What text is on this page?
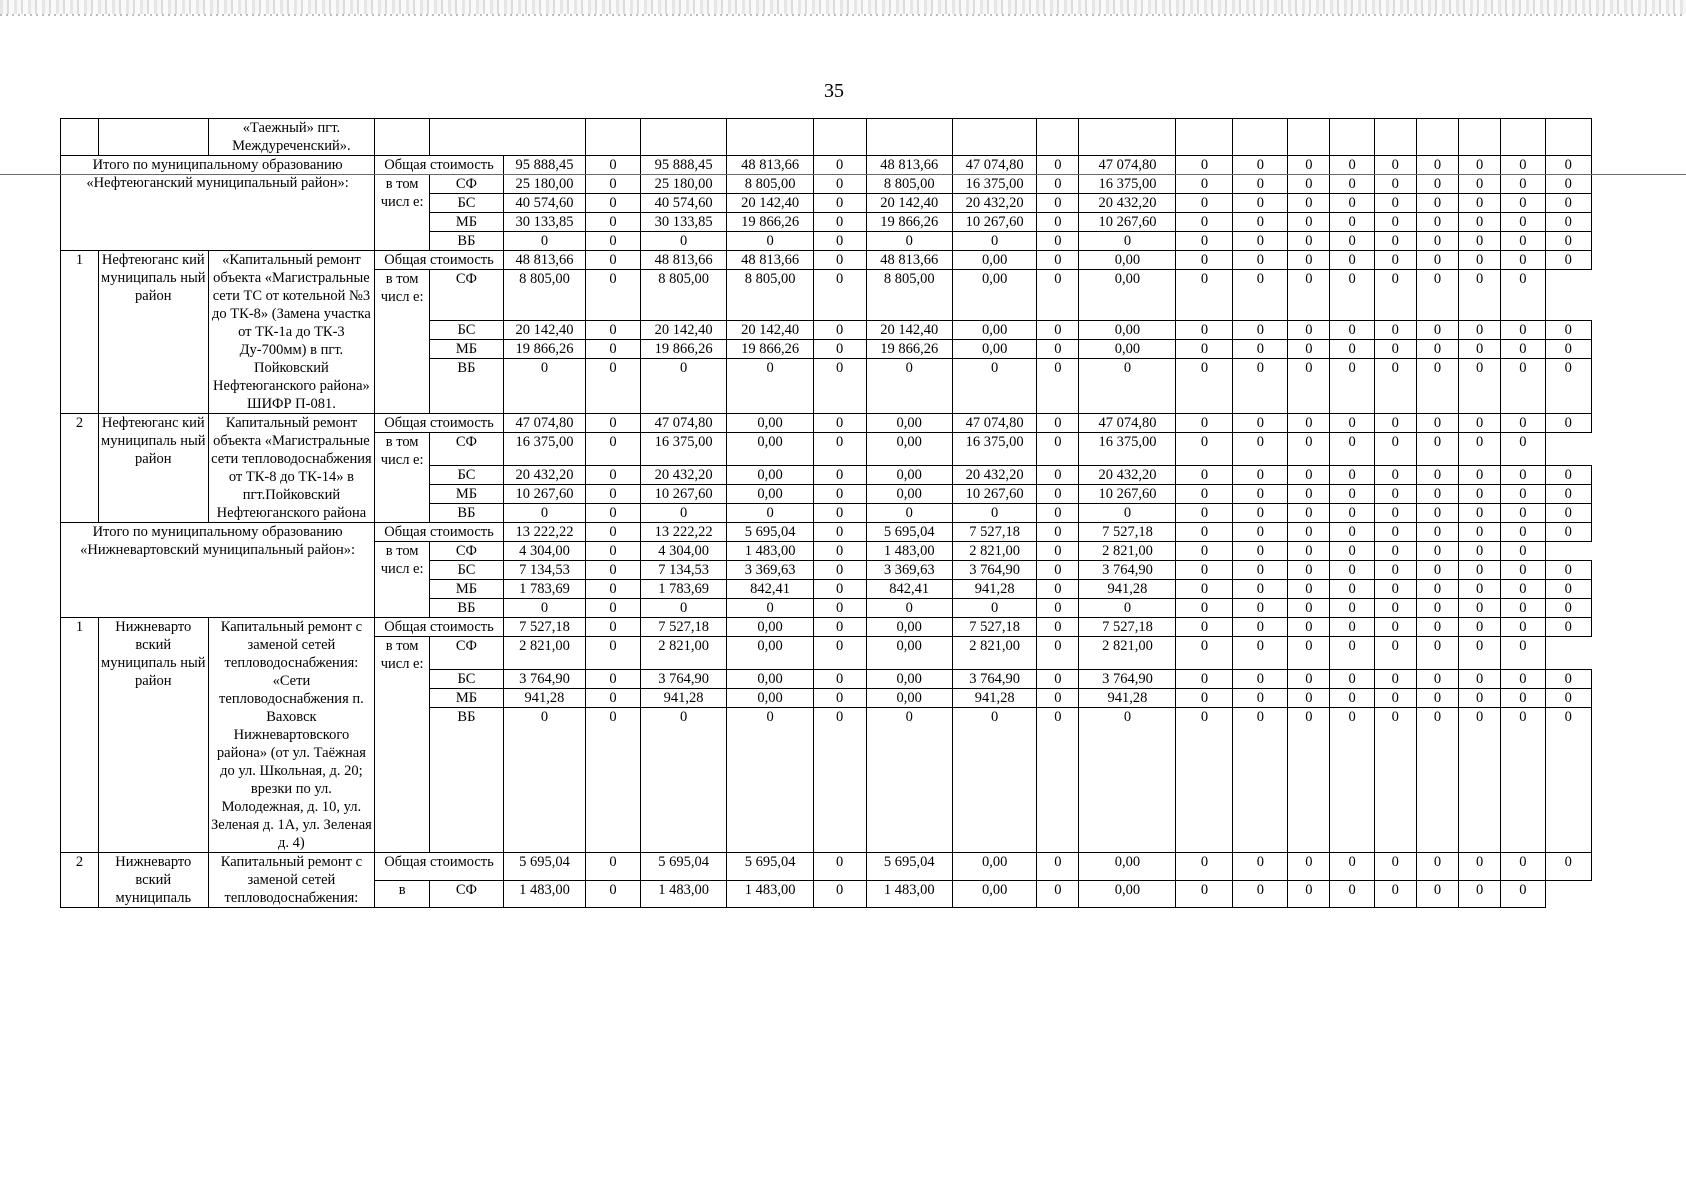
35
		«Таежный» пгт. Междуреченский».																				
Итого по муниципальному образованию «Нефтеюганский муниципальный район»:			Общая стоимость		95 888,45	0	95 888,45	48 813,66	0	48 813,66	47 074,80	0	47 074,80	0	0	0	0	0	0	0	0	0
			в том числ е:	СФ	25 180,00	0	25 180,00	8 805,00	0	8 805,00	16 375,00	0	16 375,00	0	0	0	0	0	0	0	0	0
				БС	40 574,60	0	40 574,60	20 142,40	0	20 142,40	20 432,20	0	20 432,20	0	0	0	0	0	0	0	0	0
				МБ	30 133,85	0	30 133,85	19 866,26	0	19 866,26	10 267,60	0	10 267,60	0	0	0	0	0	0	0	0	0
				ВБ	0	0	0	0	0	0	0	0	0	0	0	0	0	0	0	0	0	0
1	Нефтеюганс кий муниципаль ный район	«Капитальный ремонт объекта «Магистральные сети ТС от котельной №3 до ТК-8» (Замена участка от ТК-1а до ТК-3 Ду-700мм) в пгт. Пойковский Нефтеюганского района» ШИФР П-081.	Общая стоимость		48 813,66	0	48 813,66	48 813,66	0	48 813,66	0,00	0	0,00	0	0	0	0	0	0	0	0	0
			в том числ е:	СФ	8 805,00	0	8 805,00	8 805,00	0	8 805,00	0,00	0	0,00	0	0	0	0	0	0	0	0	
				БС	20 142,40	0	20 142,40	20 142,40	0	20 142,40	0,00	0	0,00	0	0	0	0	0	0	0	0	0
				МБ	19 866,26	0	19 866,26	19 866,26	0	19 866,26	0,00	0	0,00	0	0	0	0	0	0	0	0	0
				ВБ	0	0	0	0	0	0	0	0	0	0	0	0	0	0	0	0	0	0
2	Нефтеюганс кий муниципаль ный район	Капитальный ремонт объекта «Магистральные сети тепловодоснабжения от ТК-8 до ТК-14» в пгт.Пойковский Нефтеюганского района	Общая стоимость		47 074,80	0	47 074,80	0,00	0	0,00	47 074,80	0	47 074,80	0	0	0	0	0	0	0	0	0
			в том числ е:	СФ	16 375,00	0	16 375,00	0,00	0	0,00	16 375,00	0	16 375,00	0	0	0	0	0	0	0	0	
				БС	20 432,20	0	20 432,20	0,00	0	0,00	20 432,20	0	20 432,20	0	0	0	0	0	0	0	0	0
				МБ	10 267,60	0	10 267,60	0,00	0	0,00	10 267,60	0	10 267,60	0	0	0	0	0	0	0	0	0
				ВБ	0	0	0	0	0	0	0	0	0	0	0	0	0	0	0	0	0	0
Итого по муниципальному образованию «Нижневартовский муниципальный район»:			Общая стоимость		13 222,22	0	13 222,22	5 695,04	0	5 695,04	7 527,18	0	7 527,18	0	0	0	0	0	0	0	0	0
			в том числ е:	СФ	4 304,00	0	4 304,00	1 483,00	0	1 483,00	2 821,00	0	2 821,00	0	0	0	0	0	0	0	0	
				БС	7 134,53	0	7 134,53	3 369,63	0	3 369,63	3 764,90	0	3 764,90	0	0	0	0	0	0	0	0	0
				МБ	1 783,69	0	1 783,69	842,41	0	842,41	941,28	0	941,28	0	0	0	0	0	0	0	0	0
				ВБ	0	0	0	0	0	0	0	0	0	0	0	0	0	0	0	0	0	0
1	Нижневарто вский муниципаль ный район	Капитальный ремонт с заменой сетей тепловодоснабжения: «Сети тепловодоснабжения п. Ваховск Нижневартовского района» (от ул. Таёжная до ул. Школьная, д. 20; врезки по ул. Молодежная, д. 10, ул. Зеленая д. 1А, ул. Зеленая д. 4)	Общая стоимость		7 527,18	0	7 527,18	0,00	0	0,00	7 527,18	0	7 527,18	0	0	0	0	0	0	0	0	0
			в том числ е:	СФ	2 821,00	0	2 821,00	0,00	0	0,00	2 821,00	0	2 821,00	0	0	0	0	0	0	0	0	
				БС	3 764,90	0	3 764,90	0,00	0	0,00	3 764,90	0	3 764,90	0	0	0	0	0	0	0	0	0
				МБ	941,28	0	941,28	0,00	0	0,00	941,28	0	941,28	0	0	0	0	0	0	0	0	0
				ВБ	0	0	0	0	0	0	0	0	0	0	0	0	0	0	0	0	0	0
2	Нижневарто вский муниципаль	Капитальный ремонт с заменой сетей тепловодоснабжения:	Общая стоимость		5 695,04	0	5 695,04	5 695,04	0	5 695,04	0,00	0	0,00	0	0	0	0	0	0	0	0	0
			в	СФ	1 483,00	0	1 483,00	1 483,00	0	1 483,00	0,00	0	0,00	0	0	0	0	0	0	0	0	
